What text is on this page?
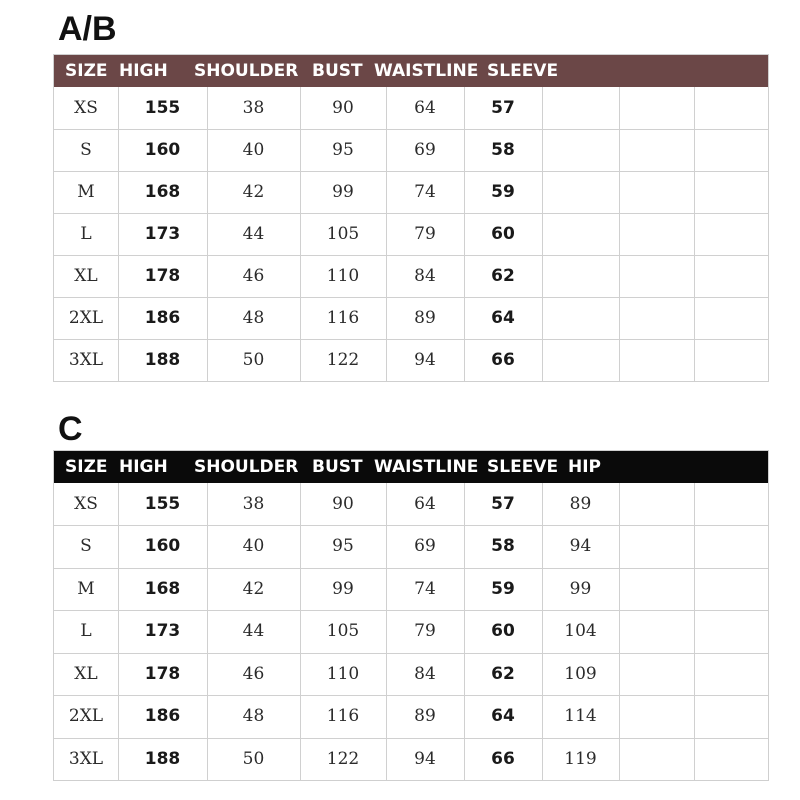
A/B
SIZE HIGH SHOULDER BUST WAISTLINE SLEEVE
XS	155	38	90	64	57
S	160	40	95	69	58
M	168	42	99	74	59
L	173	44	105	79	60
XL	178	46	110	84	62
2XL	186	48	116	89	64
3XL	188	50	122	94	66
C
SIZE HIGH SHOULDER BUST WAISTLINE SLEEVE HIP
XS	155	38	90	64	57	89
S	160	40	95	69	58	94
M	168	42	99	74	59	99
L	173	44	105	79	60	104
XL	178	46	110	84	62	109
2XL	186	48	116	89	64	114
3XL	188	50	122	94	66	119
